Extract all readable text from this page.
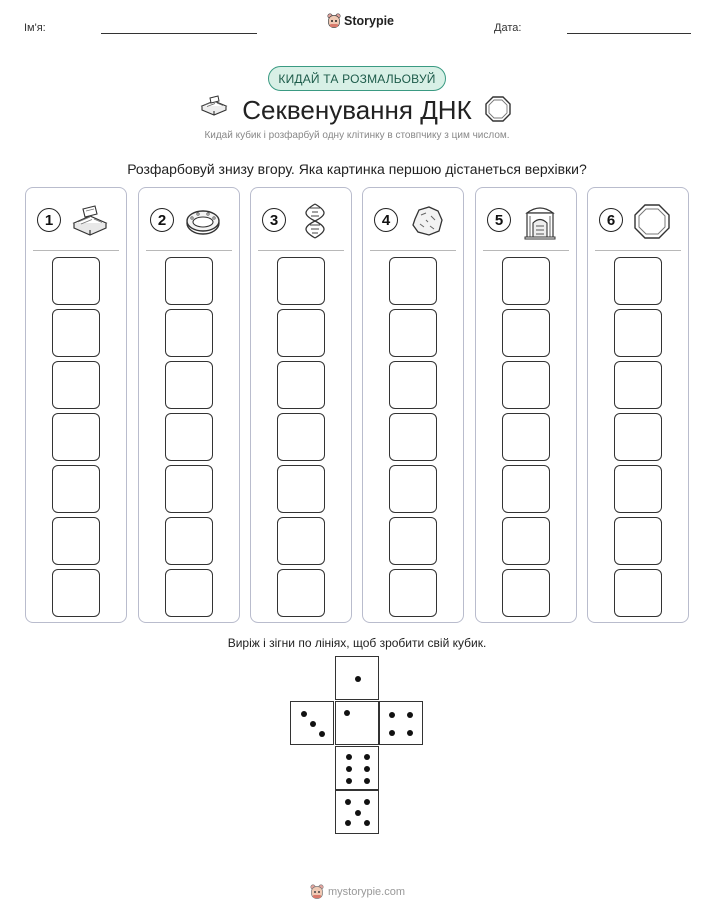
Ім'я:	Storypie	Дата:
КИДАЙ ТА РОЗМАЛЬОВУЙ
Секвенування ДНК
Кидай кубик і розфарбуй одну клітинку в стовпчику з цим числом.
Розфарбовуй знизу вгору. Яка картинка першою дістанеться верхівки?
1	2	3	4	5	6
Виріж і зігни по лініях, щоб зробити свій кубик.
mystorypie.com
